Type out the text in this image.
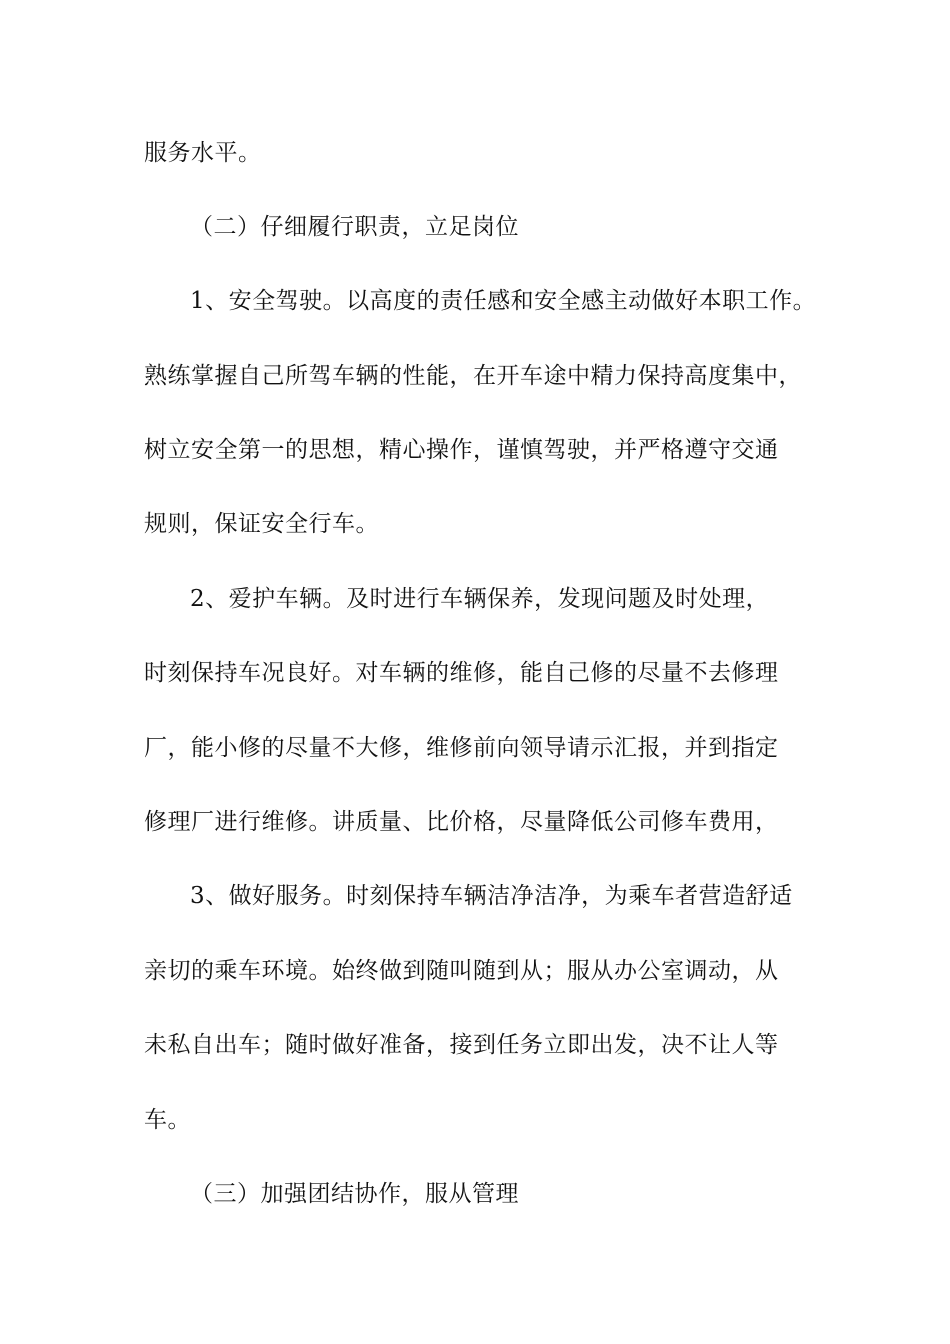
服务水平。

（二）仔细履行职责，立足岗位

1、安全驾驶。以高度的责任感和安全感主动做好本职工作。

熟练掌握自己所驾车辆的性能，在开车途中精力保持高度集中，

树立安全第一的思想，精心操作，谨慎驾驶，并严格遵守交通

规则，保证安全行车。

2、爱护车辆。及时进行车辆保养，发现问题及时处理，

时刻保持车况良好。对车辆的维修，能自己修的尽量不去修理

厂，能小修的尽量不大修，维修前向领导请示汇报，并到指定

修理厂进行维修。讲质量、比价格，尽量降低公司修车费用，

3、做好服务。时刻保持车辆洁净洁净，为乘车者营造舒适

亲切的乘车环境。始终做到随叫随到从；服从办公室调动，从

未私自出车；随时做好准备，接到任务立即出发，决不让人等

车。

（三）加强团结协作，服从管理
